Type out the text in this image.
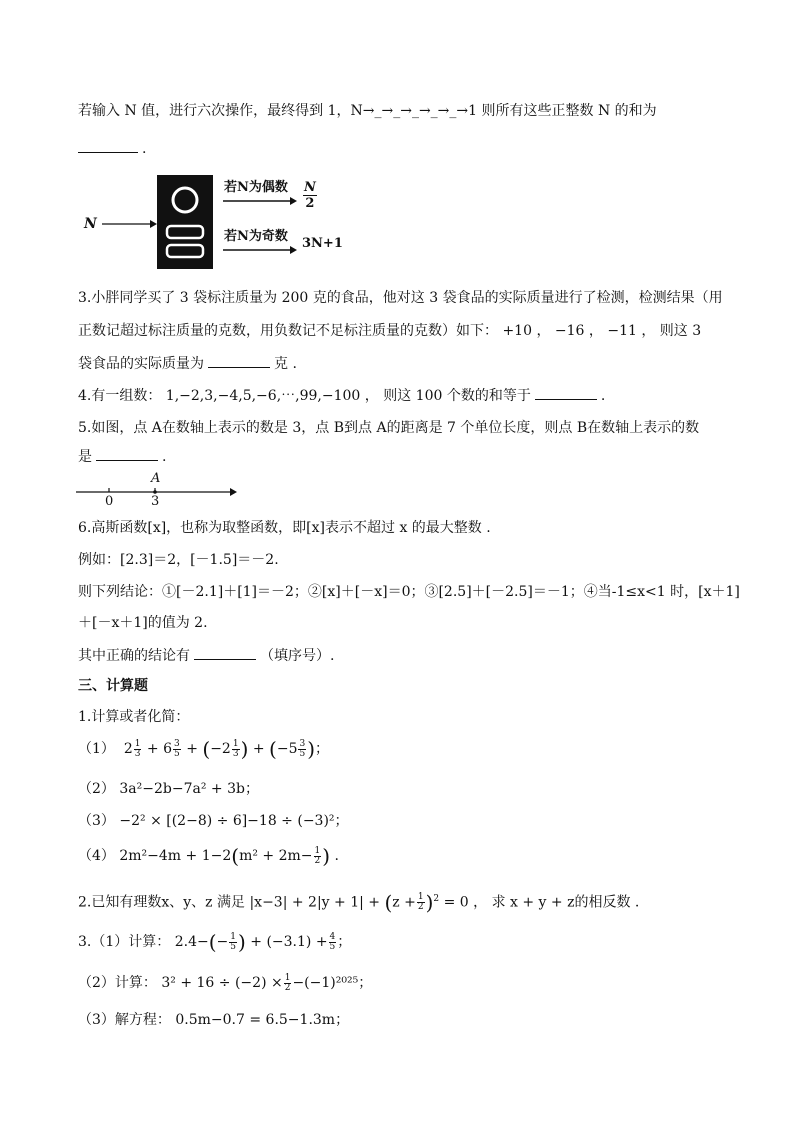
若输入 N 值，进行六次操作，最终得到 1，N→_→_→_→_→_→1 则所有这些正整数 N 的和为
.
N
若N为偶数 $\frac{N}{2}$
若N为奇数 3N+1
3.小胖同学买了 3 袋标注质量为 200 克的食品，他对这 3 袋食品的实际质量进行了检测，检测结果（用
正数记超过标注质量的克数，用负数记不足标注质量的克数）如下： +10 ， −16 ， −11 ， 则这 3
袋食品的实际质量为	克 .
4.有一组数： 1,−2,3,−4,5,−6,⋯,99,−100 ， 则这 100 个数的和等于	.
5.如图，点 A在数轴上表示的数是 3，点 B到点 A的距离是 7 个单位长度，则点 B在数轴上表示的数
是	.
A
0	3
6.高斯函数[x]，也称为取整函数，即[x]表示不超过 x 的最大整数 .
例如：[2.3]＝2，[－1.5]＝－2.
则下列结论：①[－2.1]＋[1]＝－2；②[x]＋[－x]＝0；③[2.5]＋[－2.5]＝－1；④当-1≤x<1 时，[x＋1]
＋[－x＋1]的值为 2.
其中正确的结论有	（填序号）.
三、计算题
1.计算或者化简：
（1）  $2 \frac{1}{3} + 6 \frac{3}{5} + (-2 \frac{1}{3}$ ) + ($-5 \frac{3}{5}$ )；
（2） 3a²−2b−7a² + 3b；
（3） −2² × [(2−8) ÷ 6]−18 ÷ (−3)²；
（4） $2m^2-4m + 1-2(m^2 + 2m- \frac{1}{2}$ ) .
2.已知有理数x、y、z 满足 $|x-3| + 2|y + 1| + (z + \frac{1}{2} )^2 = 0$ ， 求 x + y + z的相反数 .
3.（1）计算： $2.4-(- \frac{1}{5}$ ) + $(-3.1) + \frac{4}{5}$ ；
（2）计算： $3^2 + 16 \div (-2) \times \frac{1}{2} -(-1)^{2025}$；
（3）解方程： 0.5m−0.7 = 6.5−1.3m；
